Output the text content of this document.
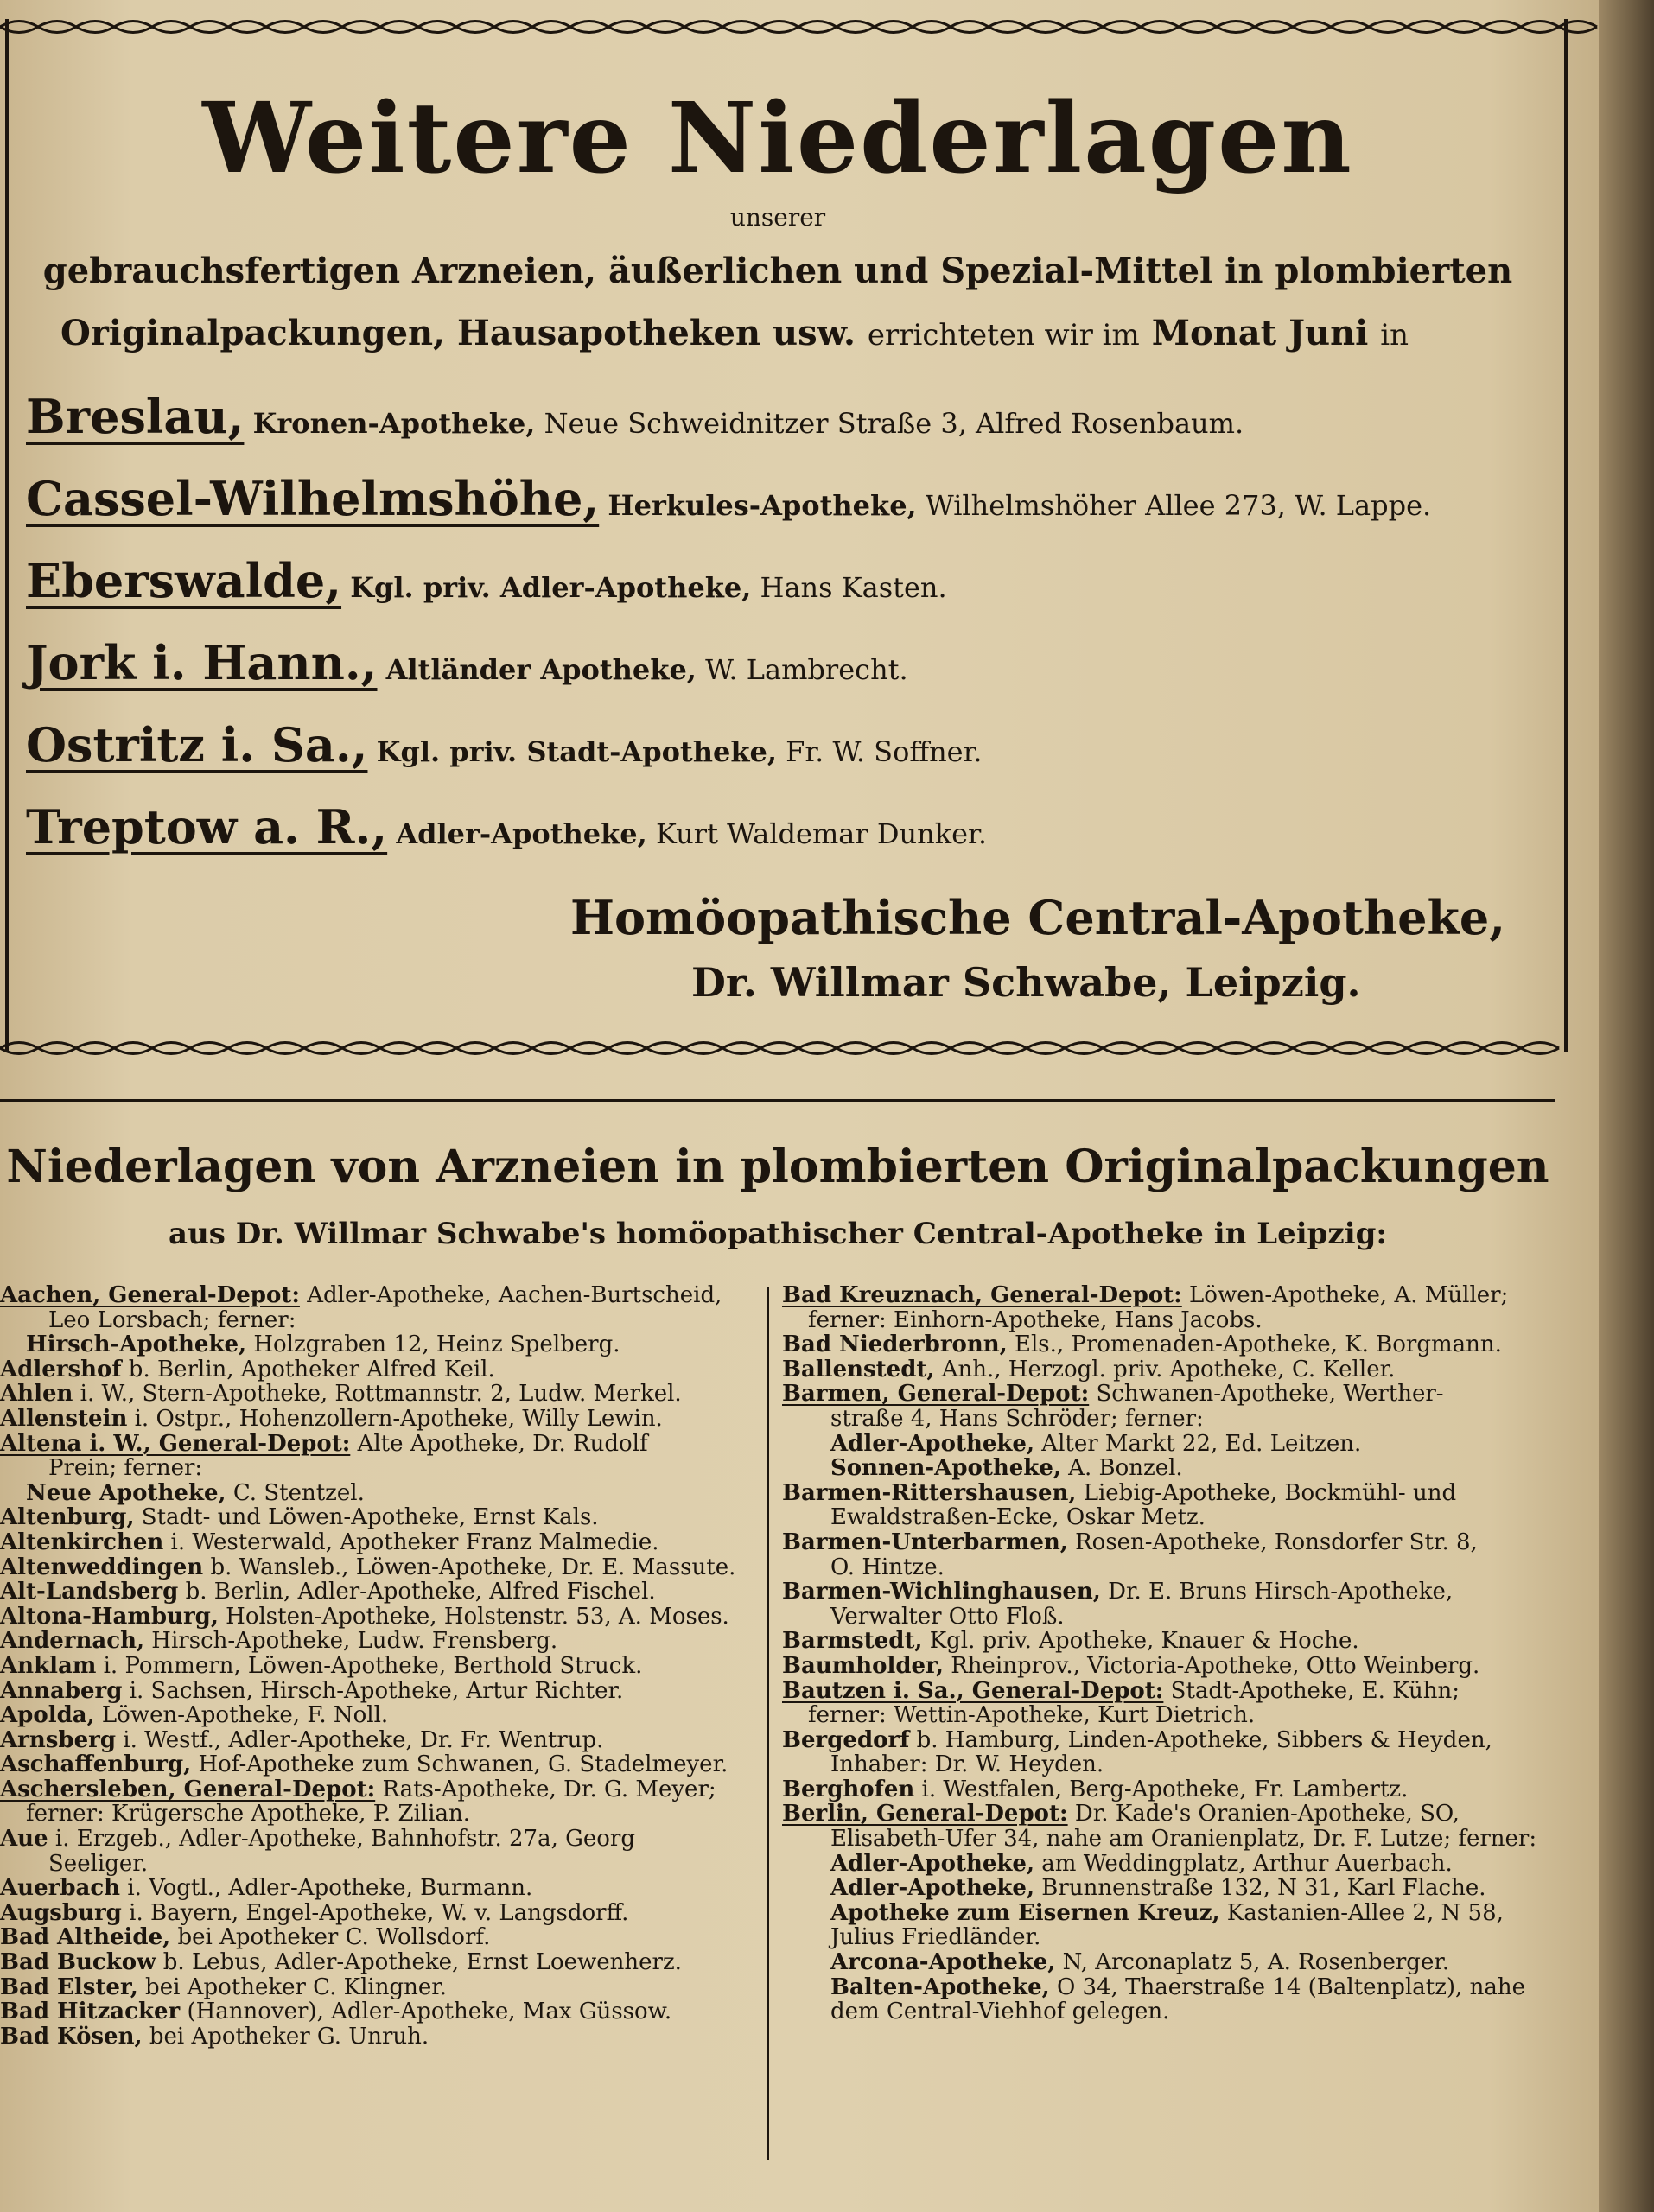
Weitere Niederlagen
unserer
gebrauchsfertigen Arzneien, äußerlichen und Spezial-Mittel in plombierten
Originalpackungen, Hausapotheken usw. errichteten wir im Monat Juni in
Breslau, Kronen-Apotheke, Neue Schweidnitzer Straße 3, Alfred Rosenbaum.
Cassel-Wilhelmshöhe, Herkules-Apotheke, Wilhelmshöher Allee 273, W. Lappe.
Eberswalde, Kgl. priv. Adler-Apotheke, Hans Kasten.
Jork i. Hann., Altländer Apotheke, W. Lambrecht.
Ostritz i. Sa., Kgl. priv. Stadt-Apotheke, Fr. W. Soffner.
Treptow a. R., Adler-Apotheke, Kurt Waldemar Dunker.
Homöopathische Central-Apotheke,
Dr. Willmar Schwabe, Leipzig.
Niederlagen von Arzneien in plombierten Originalpackungen
aus Dr. Willmar Schwabe's homöopathischer Central-Apotheke in Leipzig:
Aachen, General-Depot: Adler-Apotheke, Aachen-Burtscheid,
Leo Lorsbach; ferner:
Hirsch-Apotheke, Holzgraben 12, Heinz Spelberg.
Adlershof b. Berlin, Apotheker Alfred Keil.
Ahlen i. W., Stern-Apotheke, Rottmannstr. 2, Ludw. Merkel.
Allenstein i. Ostpr., Hohenzollern-Apotheke, Willy Lewin.
Altena i. W., General-Depot: Alte Apotheke, Dr. Rudolf
Prein; ferner:
Neue Apotheke, C. Stentzel.
Altenburg, Stadt- und Löwen-Apotheke, Ernst Kals.
Altenkirchen i. Westerwald, Apotheker Franz Malmedie.
Altenweddingen b. Wansleb., Löwen-Apotheke, Dr. E. Massute.
Alt-Landsberg b. Berlin, Adler-Apotheke, Alfred Fischel.
Altona-Hamburg, Holsten-Apotheke, Holstenstr. 53, A. Moses.
Andernach, Hirsch-Apotheke, Ludw. Frensberg.
Anklam i. Pommern, Löwen-Apotheke, Berthold Struck.
Annaberg i. Sachsen, Hirsch-Apotheke, Artur Richter.
Apolda, Löwen-Apotheke, F. Noll.
Arnsberg i. Westf., Adler-Apotheke, Dr. Fr. Wentrup.
Aschaffenburg, Hof-Apotheke zum Schwanen, G. Stadelmeyer.
Aschersleben, General-Depot: Rats-Apotheke, Dr. G. Meyer;
ferner: Krügersche Apotheke, P. Zilian.
Aue i. Erzgeb., Adler-Apotheke, Bahnhofstr. 27a, Georg
Seeliger.
Auerbach i. Vogtl., Adler-Apotheke, Burmann.
Augsburg i. Bayern, Engel-Apotheke, W. v. Langsdorff.
Bad Altheide, bei Apotheker C. Wollsdorf.
Bad Buckow b. Lebus, Adler-Apotheke, Ernst Loewenherz.
Bad Elster, bei Apotheker C. Klingner.
Bad Hitzacker (Hannover), Adler-Apotheke, Max Güssow.
Bad Kösen, bei Apotheker G. Unruh.
Bad Kreuznach, General-Depot: Löwen-Apotheke, A. Müller;
ferner: Einhorn-Apotheke, Hans Jacobs.
Bad Niederbronn, Els., Promenaden-Apotheke, K. Borgmann.
Ballenstedt, Anh., Herzogl. priv. Apotheke, C. Keller.
Barmen, General-Depot: Schwanen-Apotheke, Werther-
straße 4, Hans Schröder; ferner:
Adler-Apotheke, Alter Markt 22, Ed. Leitzen.
Sonnen-Apotheke, A. Bonzel.
Barmen-Rittershausen, Liebig-Apotheke, Bockmühl- und
Ewaldstraßen-Ecke, Oskar Metz.
Barmen-Unterbarmen, Rosen-Apotheke, Ronsdorfer Str. 8,
O. Hintze.
Barmen-Wichlinghausen, Dr. E. Bruns Hirsch-Apotheke,
Verwalter Otto Floß.
Barmstedt, Kgl. priv. Apotheke, Knauer & Hoche.
Baumholder, Rheinprov., Victoria-Apotheke, Otto Weinberg.
Bautzen i. Sa., General-Depot: Stadt-Apotheke, E. Kühn;
ferner: Wettin-Apotheke, Kurt Dietrich.
Bergedorf b. Hamburg, Linden-Apotheke, Sibbers & Heyden,
Inhaber: Dr. W. Heyden.
Berghofen i. Westfalen, Berg-Apotheke, Fr. Lambertz.
Berlin, General-Depot: Dr. Kade's Oranien-Apotheke, SO,
Elisabeth-Ufer 34, nahe am Oranienplatz, Dr. F. Lutze; ferner:
Adler-Apotheke, am Weddingplatz, Arthur Auerbach.
Adler-Apotheke, Brunnenstraße 132, N 31, Karl Flache.
Apotheke zum Eisernen Kreuz, Kastanien-Allee 2, N 58,
Julius Friedländer.
Arcona-Apotheke, N, Arconaplatz 5, A. Rosenberger.
Balten-Apotheke, O 34, Thaerstraße 14 (Baltenplatz), nahe
dem Central-Viehhof gelegen.
